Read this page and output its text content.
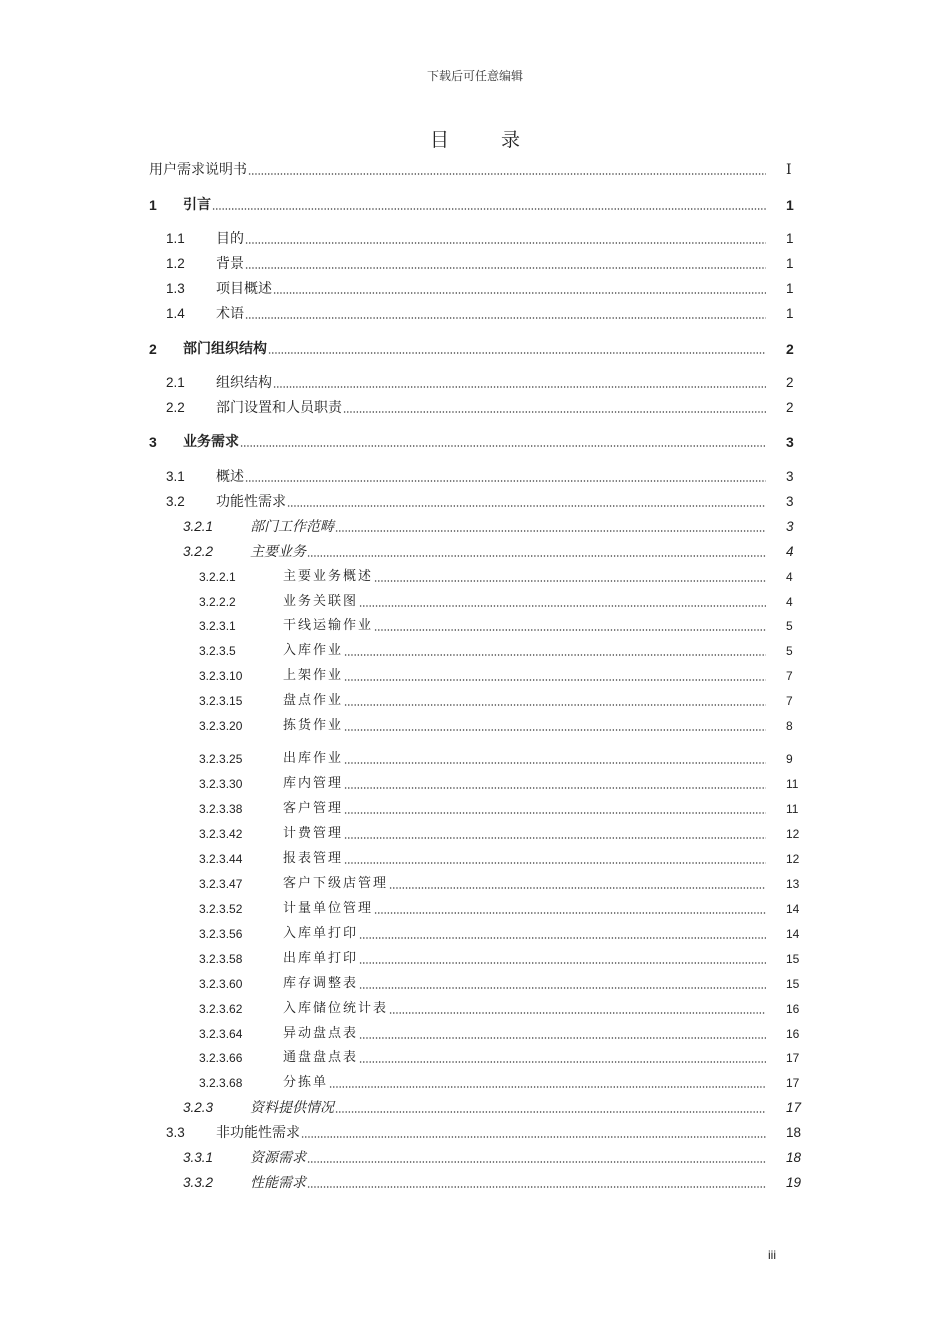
下载后可任意编辑
目	录
用户需求说明书	I
1 引言	1
1.1 目的	1
1.2 背景	1
1.3 项目概述	1
1.4 术语	1
2 部门组织结构	2
2.1 组织结构	2
2.2 部门设置和人员职责	2
3 业务需求	3
3.1 概述	3
3.2 功能性需求	3
3.2.1	部门工作范畴	3
3.2.2	主要业务	4
3.2.2.1	主要业务概述	4
3.2.2.2	业务关联图	4
3.2.3.1	干线运输作业	5
3.2.3.5	入库作业	5
3.2.3.10	上架作业	7
3.2.3.15	盘点作业	7
3.2.3.20	拣货作业	8
3.2.3.25	出库作业	9
3.2.3.30	库内管理	11
3.2.3.38	客户管理	11
3.2.3.42	计费管理	12
3.2.3.44	报表管理	12
3.2.3.47	客户下级店管理	13
3.2.3.52	计量单位管理	14
3.2.3.56	入库单打印	14
3.2.3.58	出库单打印	15
3.2.3.60	库存调整表	15
3.2.3.62	入库储位统计表	16
3.2.3.64	异动盘点表	16
3.2.3.66	通盘盘点表	17
3.2.3.68	分拣单	17
3.2.3	资料提供情况	17
3.3 非功能性需求	18
3.3.1	资源需求	18
3.3.2	性能需求	19
iii
